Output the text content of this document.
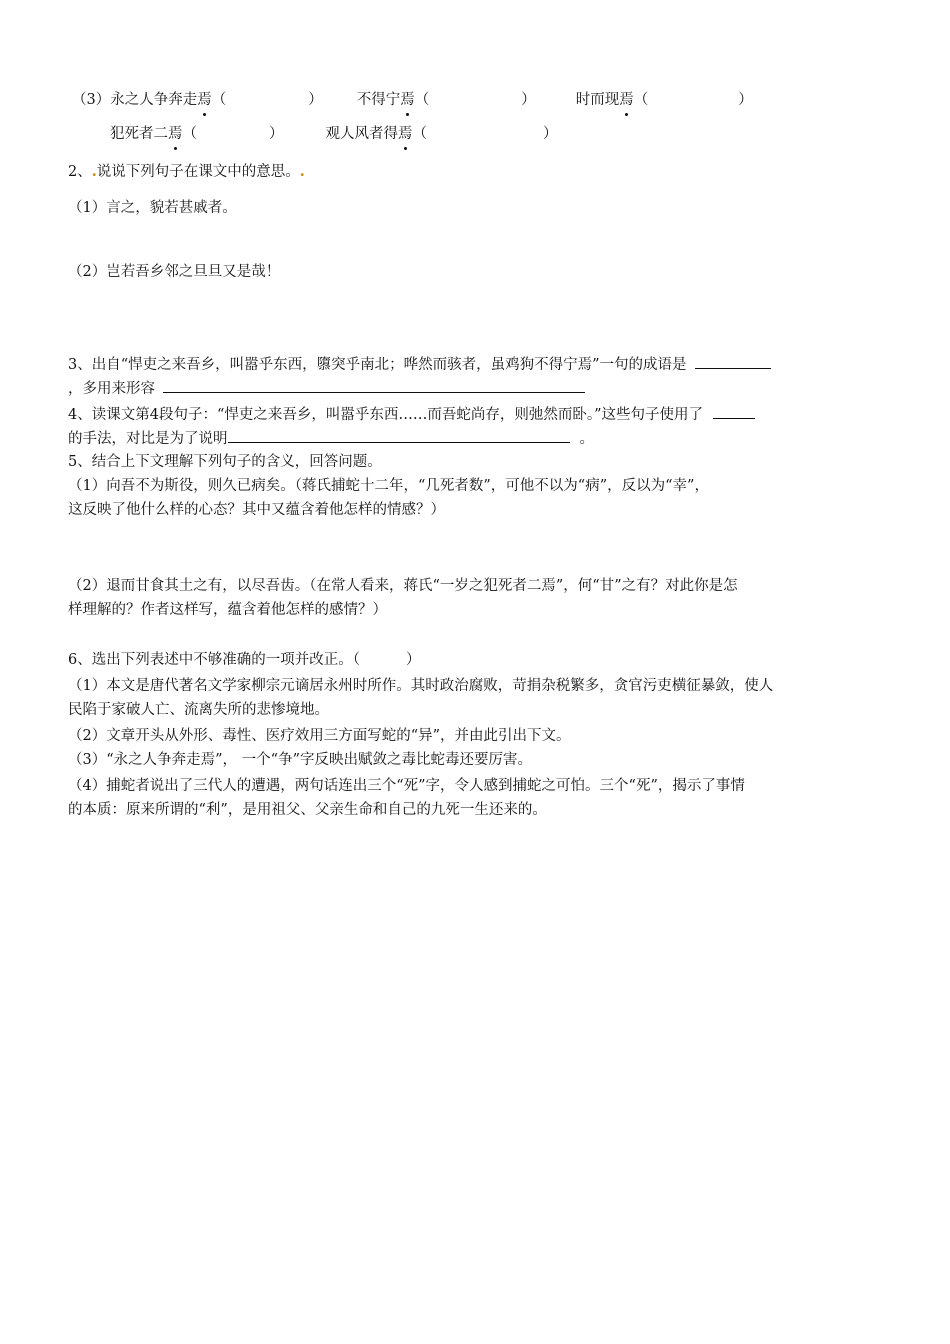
（3）永之人争奔走焉（	） 不得宁焉（	）	时而现焉（	）
犯死者二焉（	）	观人风者得焉（	）
2、.说说下列句子在课文中的意思。.
（1）言之，貌若甚戚者。
（2）岂若吾乡邻之旦旦又是哉！
3、出自“悍吏之来吾乡，叫嚣乎东西，隳突乎南北；哗然而骇者，虽鸡狗不得宁焉”一句的成语是
，多用来形容
4、读课文第4段句子：“悍吏之来吾乡，叫嚣乎东西……而吾蛇尚存，则弛然而卧。”这些句子使用了
的手法，对比是为了说明	。
5、结合上下文理解下列句子的含义，回答问题。
（1）向吾不为斯役，则久已病矣。（蒋氏捕蛇十二年，“几死者数”，可他不以为“病”，反以为“幸”，
这反映了他什么样的心态？其中又蕴含着他怎样的情感？）
（2）退而甘食其土之有，以尽吾齿。（在常人看来，蒋氏“一岁之犯死者二焉”，何“甘”之有？对此你是怎
样理解的？作者这样写，蕴含着他怎样的感情？）
6、选出下列表述中不够准确的一项并改正。（	）
（1）本文是唐代著名文学家柳宗元谪居永州时所作。其时政治腐败，苛捐杂税繁多，贪官污吏横征暴敛，使人
民陷于家破人亡、流离失所的悲惨境地。
（2）文章开头从外形、毒性、医疗效用三方面写蛇的“异”，并由此引出下文。
（3）“永之人争奔走焉”， 一个“争”字反映出赋敛之毒比蛇毒还要厉害。
（4）捕蛇者说出了三代人的遭遇，两句话连出三个“死”字，令人感到捕蛇之可怕。三个“死”，揭示了事情
的本质：原来所谓的“利”，是用祖父、父亲生命和自己的九死一生还来的。
